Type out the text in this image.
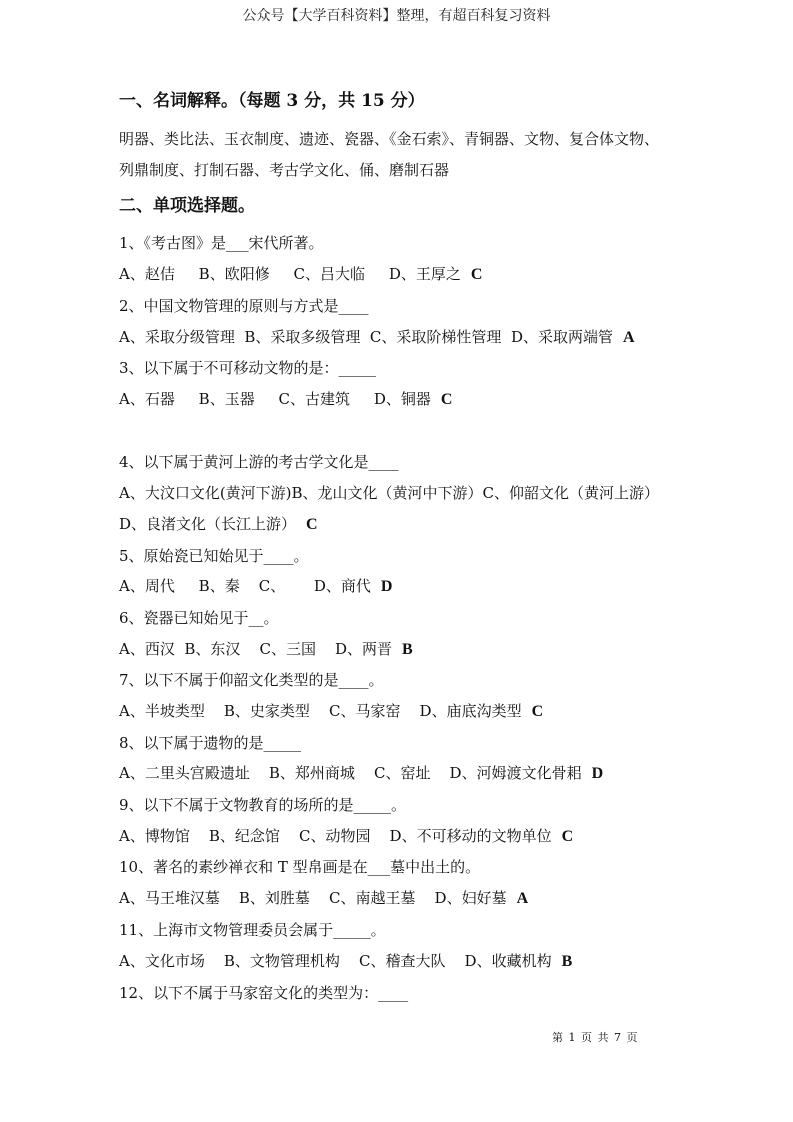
公众号【大学百科资料】整理，有超百科复习资料
一、名词解释。（每题 3 分，共 15 分）
明器、类比法、玉衣制度、遗迹、瓷器、《金石索》、青铜器、文物、复合体文物、
列鼎制度、打制石器、考古学文化、俑、磨制石器
二、单项选择题。
1、《考古图》是___宋代所著。
A、赵佶     B、欧阳修     C、吕大临     D、王厚之 C
2、中国文物管理的原则与方式是____
A、采取分级管理  B、采取多级管理  C、采取阶梯性管理  D、采取两端管 A
3、以下属于不可移动文物的是：_____
A、石器     B、玉器     C、古建筑     D、铜器 C
4、以下属于黄河上游的考古学文化是____
A、大汶口文化(黄河下游)B、龙山文化（黄河中下游）C、仰韶文化（黄河上游）
D、良渚文化（长江上游） C
5、原始瓷已知始见于____。
A、周代     B、秦    C、      D、商代 D
6、瓷器已知始见于__。
A、西汉  B、东汉    C、三国    D、两晋 B
7、以下不属于仰韶文化类型的是____。
A、半坡类型    B、史家类型    C、马家窑    D、庙底沟类型 C
8、以下属于遗物的是_____
A、二里头宫殿遗址    B、郑州商城    C、窑址    D、河姆渡文化骨耜 D
9、以下不属于文物教育的场所的是_____。
A、博物馆    B、纪念馆    C、动物园    D、不可移动的文物单位 C
10、著名的素纱禅衣和 T 型帛画是在___墓中出土的。
A、马王堆汉墓    B、刘胜墓    C、南越王墓    D、妇好墓 A
11、上海市文物管理委员会属于_____。
A、文化市场    B、文物管理机构    C、稽查大队    D、收藏机构 B
12、以下不属于马家窑文化的类型为：____
第 1 页 共 7 页
